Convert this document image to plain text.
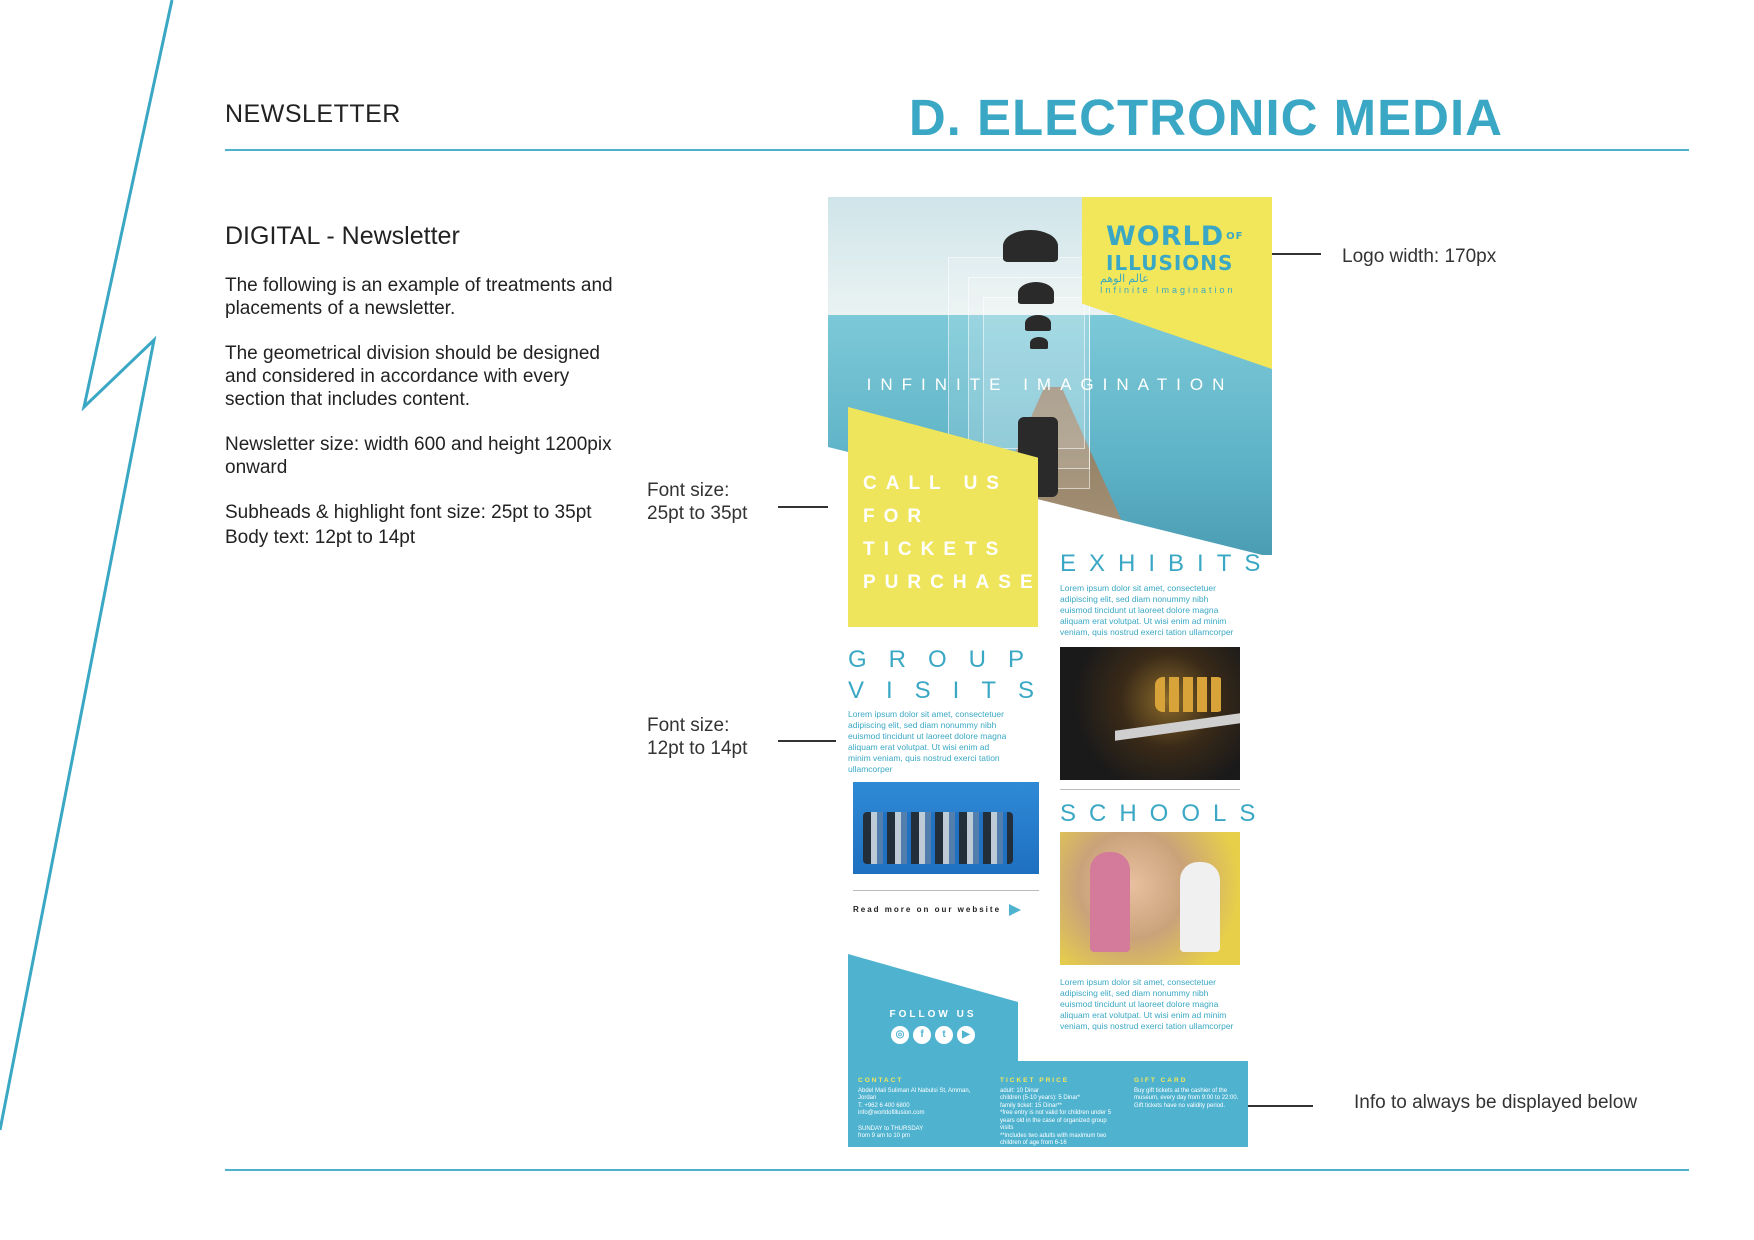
NEWSLETTER	D. ELECTRONIC MEDIA
DIGITAL - Newsletter

The following is an example of treatments and placements of a newsletter.

The geometrical division should be designed and considered in accordance with every section that includes content.

Newsletter size: width 600 and height 1200pix onward

Subheads & highlight font size: 25pt to 35pt

Body text: 12pt to 14pt

Logo width: 170px
Font size:
25pt to 35pt
Font size:
12pt to 14pt
Info to always be displayed below
INFINITE IMAGINATION
WORLD $^{OF}$
ILLUSIONS
عالم الوهم
Infinite Imagination
CALL US
FOR
TICKETS
PURCHASE
EXHIBITS
Lorem ipsum dolor sit amet, consectetuer adipiscing elit, sed diam nonummy nibh euismod tincidunt ut laoreet dolore magna aliquam erat volutpat. Ut wisi enim ad minim veniam, quis nostrud exerci tation ullamcorper
SCHOOLS
Lorem ipsum dolor sit amet, consectetuer adipiscing elit, sed diam nonummy nibh euismod tincidunt ut laoreet dolore magna aliquam erat volutpat. Ut wisi enim ad minim veniam, quis nostrud exerci tation ullamcorper
GROUP
VISITS
Lorem ipsum dolor sit amet, consectetuer adipiscing elit, sed diam nonummy nibh euismod tincidunt ut laoreet dolore magna aliquam erat volutpat. Ut wisi enim ad minim veniam, quis nostrud exerci tation ullamcorper
Read more on our website
FOLLOW US
◎ f t ▶
CONTACT
Abdel Mali Suliman Al Nabulsi St, Amman, Jordan
T. +962 6 400 6800
info@worldofillusion.com
SUNDAY to THURSDAY
from 9 am to 10 pm
TICKET PRICE
adult: 10 Dinar
children (5-10 years): 5 Dinar*
family ticket: 15 Dinar**
*free entry is not valid for children under 5 years old in the case of organized group visits
**includes two adults with maximum two children of age from 6-16
GIFT CARD
Buy gift tickets at the cashier of the museum, every day from 9:00 to 22:00.
Gift tickets have no validity period.
